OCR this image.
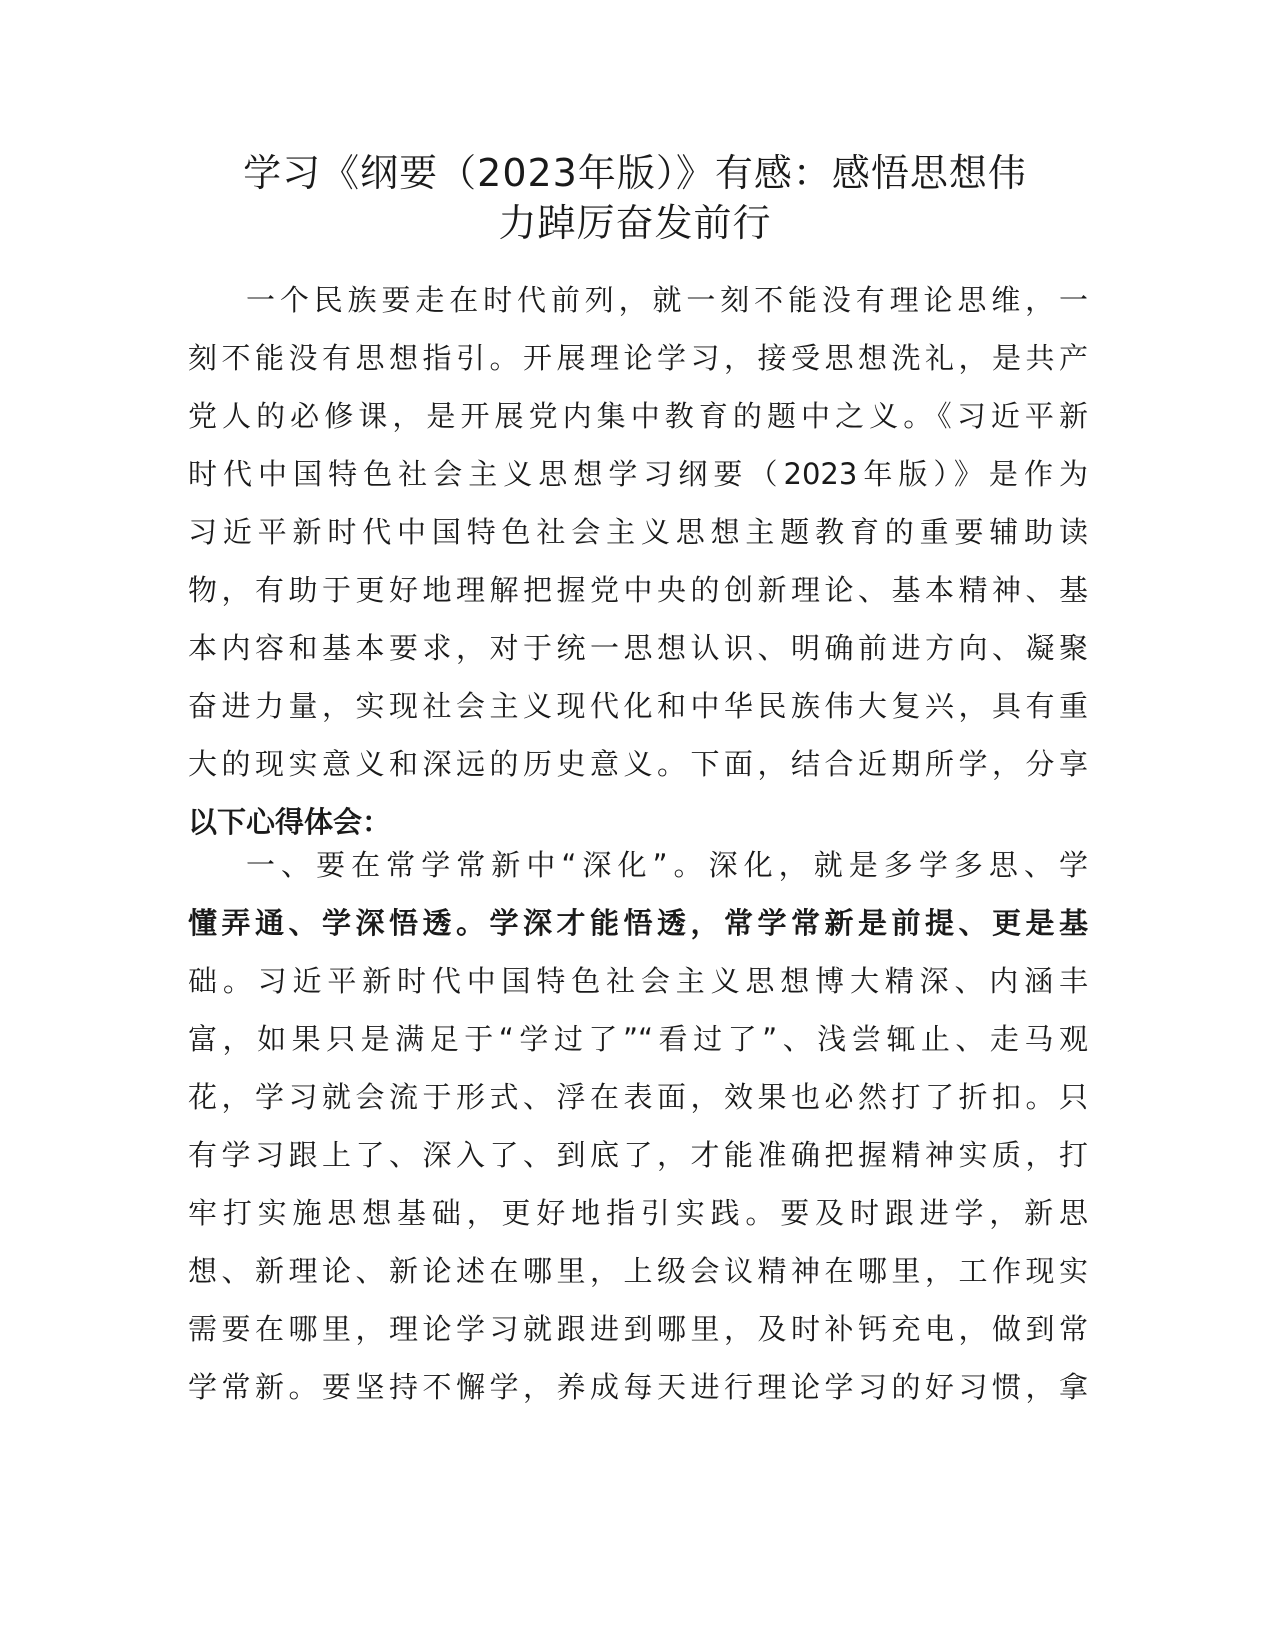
学习《纲要（2023年版）》有感：感悟思想伟
力踔厉奋发前行
一个民族要走在时代前列，就一刻不能没有理论思维，一
刻不能没有思想指引。开展理论学习，接受思想洗礼，是共产
党人的必修课，是开展党内集中教育的题中之义。《习近平新
时代中国特色社会主义思想学习纲要（2023年版）》是作为
习近平新时代中国特色社会主义思想主题教育的重要辅助读
物，有助于更好地理解把握党中央的创新理论、基本精神、基
本内容和基本要求，对于统一思想认识、明确前进方向、凝聚
奋进力量，实现社会主义现代化和中华民族伟大复兴，具有重
大的现实意义和深远的历史意义。下面，结合近期所学，分享
以下心得体会：
一、要在常学常新中“深化”。深化，就是多学多思、学
懂弄通、学深悟透。学深才能悟透，常学常新是前提、更是基
础。习近平新时代中国特色社会主义思想博大精深、内涵丰
富，如果只是满足于“学过了”“看过了”、浅尝辄止、走马观
花，学习就会流于形式、浮在表面，效果也必然打了折扣。只
有学习跟上了、深入了、到底了，才能准确把握精神实质，打
牢打实施思想基础，更好地指引实践。要及时跟进学，新思
想、新理论、新论述在哪里，上级会议精神在哪里，工作现实
需要在哪里，理论学习就跟进到哪里，及时补钙充电，做到常
学常新。要坚持不懈学，养成每天进行理论学习的好习惯，拿
